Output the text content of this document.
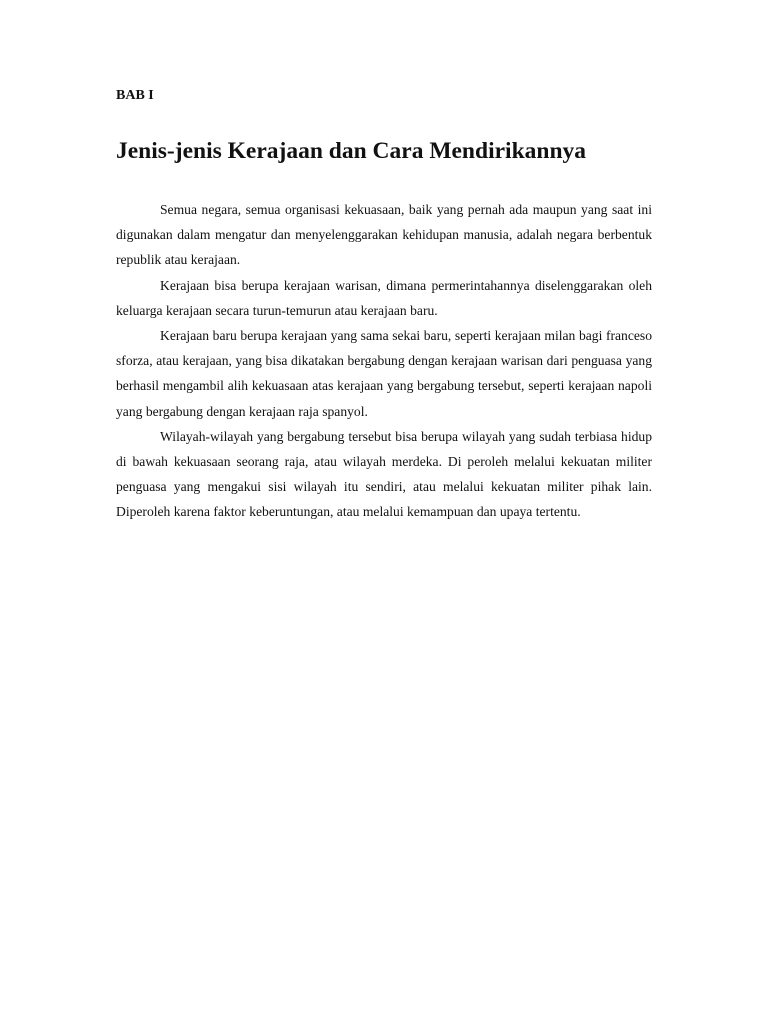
BAB I

Jenis-jenis Kerajaan dan Cara Mendirikannya

Semua negara, semua organisasi kekuasaan, baik yang pernah ada maupun yang saat ini digunakan dalam mengatur dan menyelenggarakan kehidupan manusia, adalah negara berbentuk republik atau kerajaan.

Kerajaan bisa berupa kerajaan warisan, dimana permerintahannya diselenggarakan oleh keluarga kerajaan secara turun-temurun atau kerajaan baru.

Kerajaan baru berupa kerajaan yang sama sekai baru, seperti kerajaan milan bagi franceso sforza, atau kerajaan, yang bisa dikatakan bergabung dengan kerajaan warisan dari penguasa yang berhasil mengambil alih kekuasaan atas kerajaan yang bergabung tersebut, seperti kerajaan napoli yang bergabung dengan kerajaan raja spanyol.

Wilayah-wilayah yang bergabung tersebut bisa berupa wilayah yang sudah terbiasa hidup di bawah kekuasaan seorang raja, atau wilayah merdeka. Di peroleh melalui kekuatan militer penguasa yang mengakui sisi wilayah itu sendiri, atau melalui kekuatan militer pihak lain. Diperoleh karena faktor keberuntungan, atau melalui kemampuan dan upaya tertentu.
